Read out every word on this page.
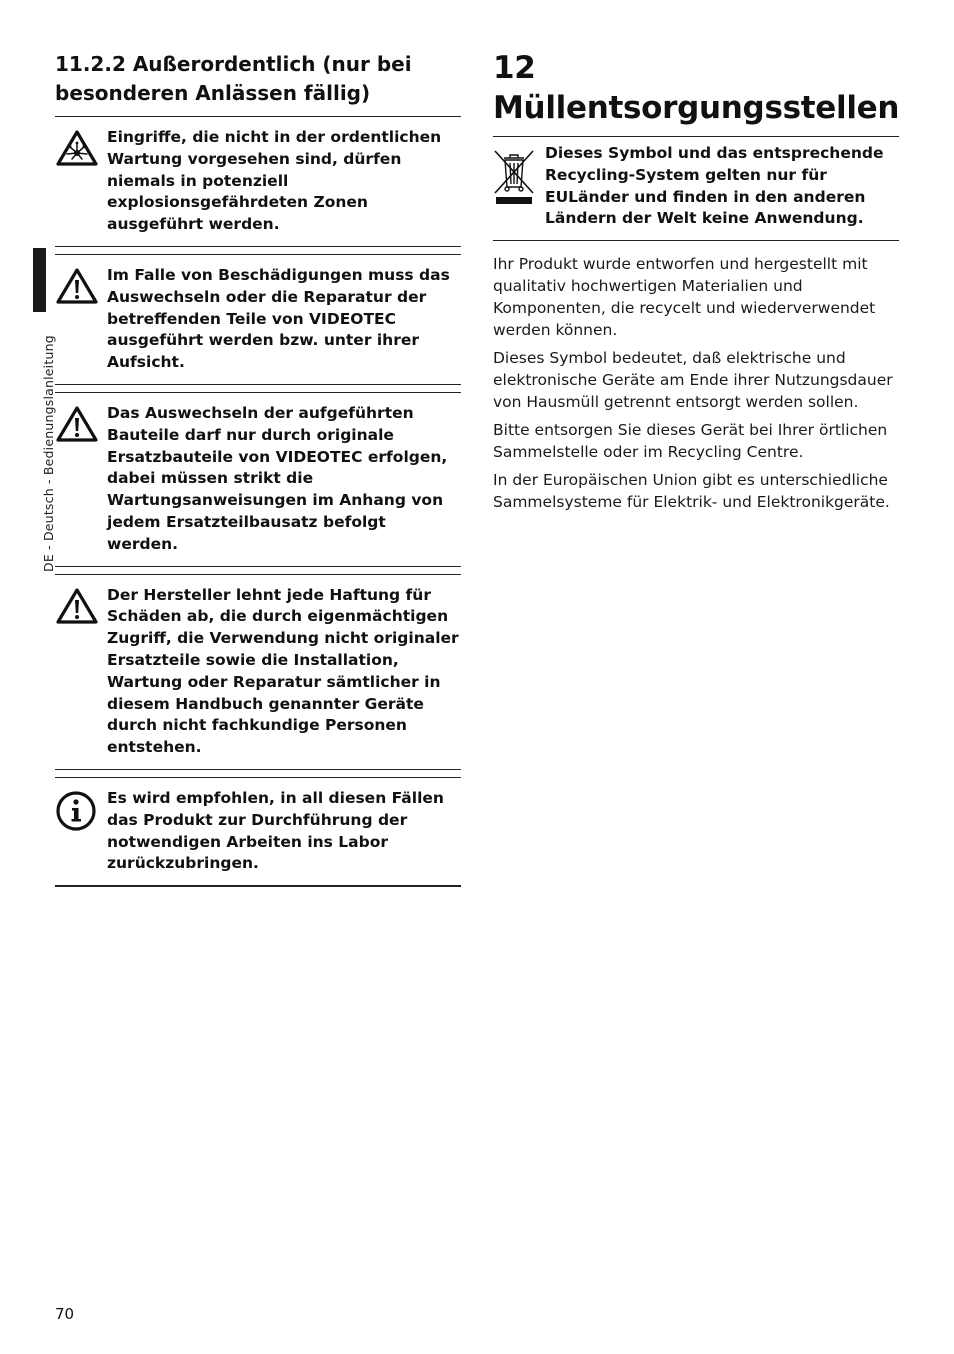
DE - Deutsch - Bedienungslanleitung
11.2.2 Außerordentlich (nur bei besonderen Anlässen fällig)
Eingriffe, die nicht in der ordentlichen Wartung vorgesehen sind, dürfen niemals in potenziell explosionsgefährdeten Zonen ausgeführt werden.
Im Falle von Beschädigungen muss das Auswechseln oder die Reparatur der betreffenden Teile von VIDEOTEC ausgeführt werden bzw. unter ihrer Aufsicht.
Das Auswechseln der aufgeführten Bauteile darf nur durch originale Ersatzbauteile von VIDEOTEC erfolgen, dabei müssen strikt die Wartungsanweisungen im Anhang von jedem Ersatzteilbausatz befolgt werden.
Der Hersteller lehnt jede Haftung für Schäden ab, die durch eigenmächtigen Zugriff, die Verwendung nicht originaler Ersatzteile sowie die Installation, Wartung oder Reparatur sämtlicher in diesem Handbuch genannter Geräte durch nicht fachkundige Personen entstehen.
Es wird empfohlen, in all diesen Fällen das Produkt zur Durchführung der notwendigen Arbeiten ins Labor zurückzubringen.
12 Müllentsorgungsstellen
Dieses Symbol und das entsprechende Recycling-System gelten nur für EULänder und finden in den anderen Ländern der Welt keine Anwendung.

Ihr Produkt wurde entworfen und hergestellt mit qualitativ hochwertigen Materialien und Komponenten, die recycelt und wiederverwendet werden können.

Dieses Symbol bedeutet, daß elektrische und elektronische Geräte am Ende ihrer Nutzungsdauer von Hausmüll getrennt entsorgt werden sollen.

Bitte entsorgen Sie dieses Gerät bei Ihrer örtlichen Sammelstelle oder im Recycling Centre.

In der Europäischen Union gibt es unterschiedliche Sammelsysteme für Elektrik- und Elektronikgeräte.

70
